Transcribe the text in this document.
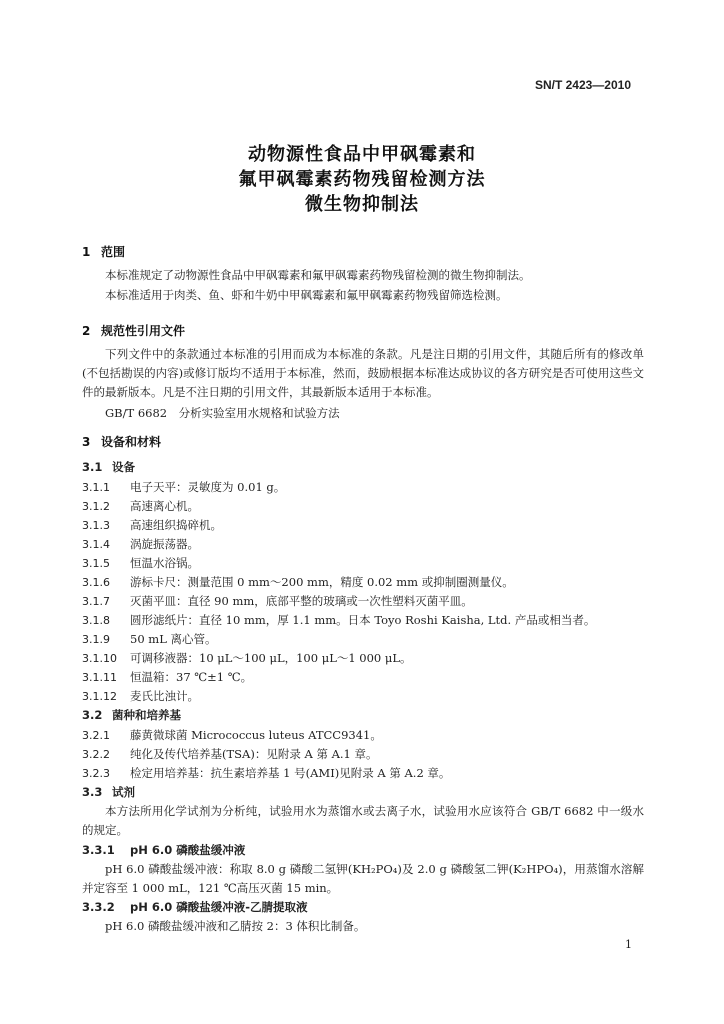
SN/T 2423—2010
动物源性食品中甲砜霉素和
氟甲砜霉素药物残留检测方法
微生物抑制法
1 范围
本标准规定了动物源性食品中甲砜霉素和氟甲砜霉素药物残留检测的微生物抑制法。
本标准适用于肉类、鱼、虾和牛奶中甲砜霉素和氟甲砜霉素药物残留筛选检测。
2 规范性引用文件
下列文件中的条款通过本标准的引用而成为本标准的条款。凡是注日期的引用文件，其随后所有的修改单(不包括勘误的内容)或修订版均不适用于本标准，然而，鼓励根据本标准达成协议的各方研究是否可使用这些文件的最新版本。凡是不注日期的引用文件，其最新版本适用于本标准。
GB/T 6682　分析实验室用水规格和试验方法
3 设备和材料
3.1 设备
3.1.1 电子天平：灵敏度为 0.01 g。
3.1.2 高速离心机。
3.1.3 高速组织捣碎机。
3.1.4 涡旋振荡器。
3.1.5 恒温水浴锅。
3.1.6 游标卡尺：测量范围 0 mm～200 mm，精度 0.02 mm 或抑制圈测量仪。
3.1.7 灭菌平皿：直径 90 mm，底部平整的玻璃或一次性塑料灭菌平皿。
3.1.8 圆形滤纸片：直径 10 mm，厚 1.1 mm。日本 Toyo Roshi Kaisha, Ltd. 产品或相当者。
3.1.9 50 mL 离心管。
3.1.10 可调移液器：10 μL～100 μL，100 μL～1 000 μL。
3.1.11 恒温箱：37 ℃±1 ℃。
3.1.12 麦氏比浊计。
3.2 菌种和培养基
3.2.1 藤黄微球菌 Micrococcus luteus ATCC9341。
3.2.2 纯化及传代培养基(TSA)：见附录 A 第 A.1 章。
3.2.3 检定用培养基：抗生素培养基 1 号(AMI)见附录 A 第 A.2 章。
3.3 试剂
本方法所用化学试剂为分析纯，试验用水为蒸馏水或去离子水，试验用水应该符合 GB/T 6682 中一级水的规定。
3.3.1 pH 6.0 磷酸盐缓冲液
pH 6.0 磷酸盐缓冲液：称取 8.0 g 磷酸二氢钾(KH₂PO₄)及 2.0 g 磷酸氢二钾(K₂HPO₄)，用蒸馏水溶解并定容至 1 000 mL，121 ℃高压灭菌 15 min。
3.3.2 pH 6.0 磷酸盐缓冲液-乙腈提取液
pH 6.0 磷酸盐缓冲液和乙腈按 2：3 体积比制备。
1
